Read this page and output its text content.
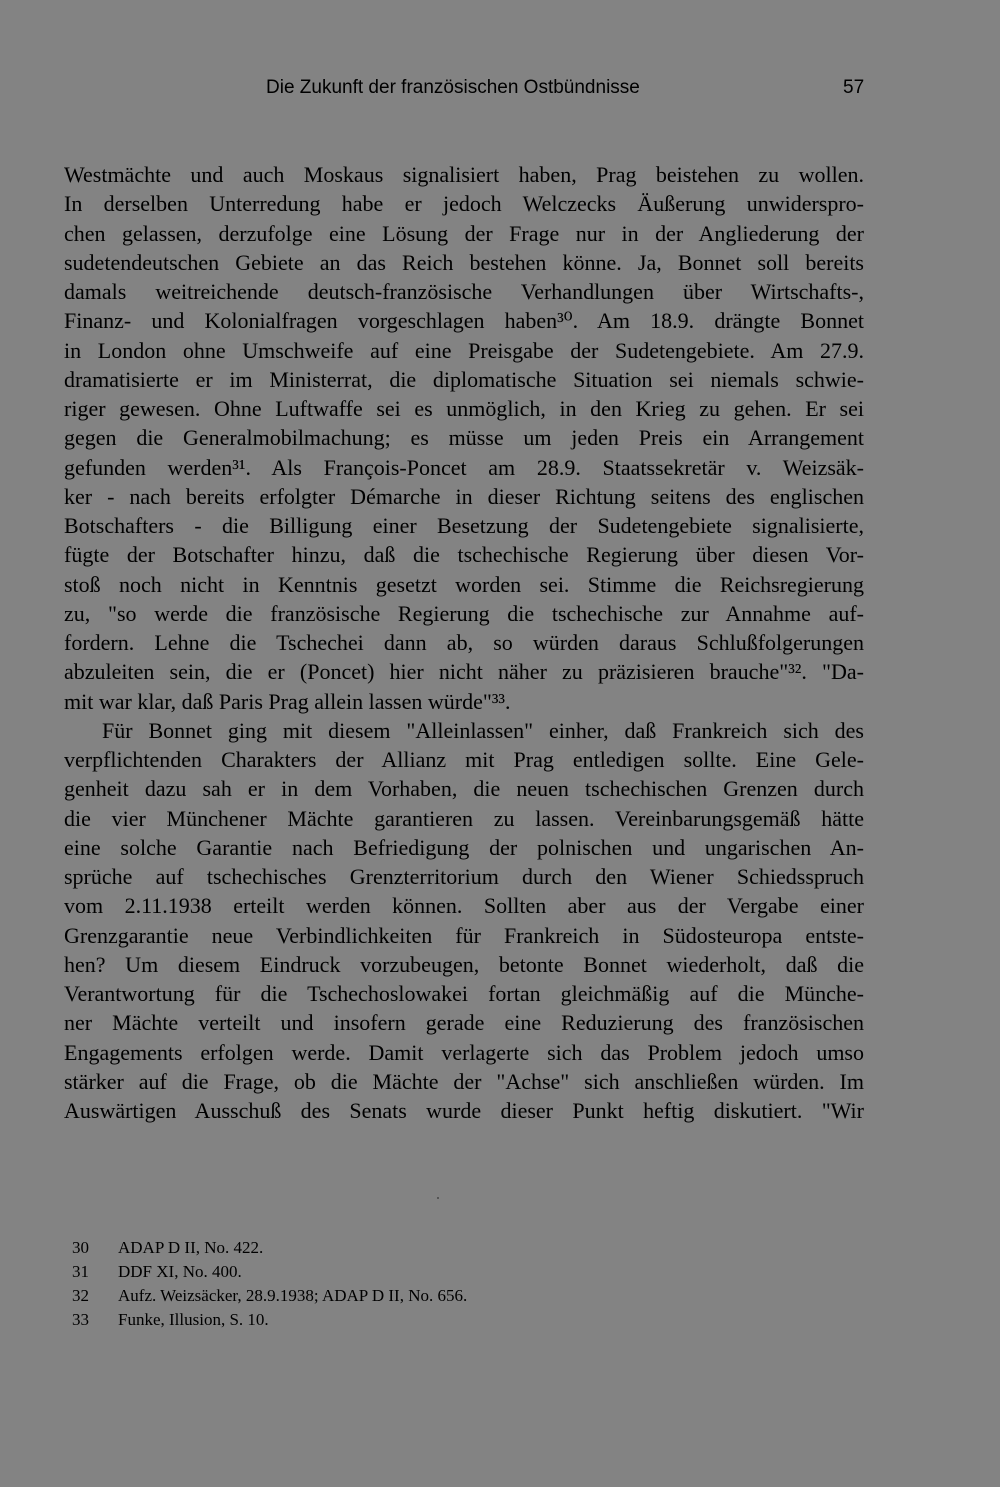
Die Zukunft der französischen Ostbündnisse	57
Westmächte und auch Moskaus signalisiert haben, Prag beistehen zu wollen.
In derselben Unterredung habe er jedoch Welczecks Äußerung unwiderspro-
chen gelassen, derzufolge eine Lösung der Frage nur in der Angliederung der
sudetendeutschen Gebiete an das Reich bestehen könne. Ja, Bonnet soll bereits
damals weitreichende deutsch-französische Verhandlungen über Wirtschafts-,
Finanz- und Kolonialfragen vorgeschlagen haben³⁰. Am 18.9. drängte Bonnet
in London ohne Umschweife auf eine Preisgabe der Sudetengebiete. Am 27.9.
dramatisierte er im Ministerrat, die diplomatische Situation sei niemals schwie-
riger gewesen. Ohne Luftwaffe sei es unmöglich, in den Krieg zu gehen. Er sei
gegen die Generalmobilmachung; es müsse um jeden Preis ein Arrangement
gefunden werden³¹. Als François-Poncet am 28.9. Staatssekretär v. Weizsäk-
ker - nach bereits erfolgter Démarche in dieser Richtung seitens des englischen
Botschafters - die Billigung einer Besetzung der Sudetengebiete signalisierte,
fügte der Botschafter hinzu, daß die tschechische Regierung über diesen Vor-
stoß noch nicht in Kenntnis gesetzt worden sei. Stimme die Reichsregierung
zu, "so werde die französische Regierung die tschechische zur Annahme auf-
fordern. Lehne die Tschechei dann ab, so würden daraus Schlußfolgerungen
abzuleiten sein, die er (Poncet) hier nicht näher zu präzisieren brauche"³². "Da-
mit war klar, daß Paris Prag allein lassen würde"³³.
Für Bonnet ging mit diesem "Alleinlassen" einher, daß Frankreich sich des
verpflichtenden Charakters der Allianz mit Prag entledigen sollte. Eine Gele-
genheit dazu sah er in dem Vorhaben, die neuen tschechischen Grenzen durch
die vier Münchener Mächte garantieren zu lassen. Vereinbarungsgemäß hätte
eine solche Garantie nach Befriedigung der polnischen und ungarischen An-
sprüche auf tschechisches Grenzterritorium durch den Wiener Schiedsspruch
vom 2.11.1938 erteilt werden können. Sollten aber aus der Vergabe einer
Grenzgarantie neue Verbindlichkeiten für Frankreich in Südosteuropa entste-
hen? Um diesem Eindruck vorzubeugen, betonte Bonnet wiederholt, daß die
Verantwortung für die Tschechoslowakei fortan gleichmäßig auf die Münche-
ner Mächte verteilt und insofern gerade eine Reduzierung des französischen
Engagements erfolgen werde. Damit verlagerte sich das Problem jedoch umso
stärker auf die Frage, ob die Mächte der "Achse" sich anschließen würden. Im
Auswärtigen Ausschuß des Senats wurde dieser Punkt heftig diskutiert. "Wir
30	ADAP D II, No. 422.
31	DDF XI, No. 400.
32	Aufz. Weizsäcker, 28.9.1938; ADAP D II, No. 656.
33	Funke, Illusion, S. 10.
